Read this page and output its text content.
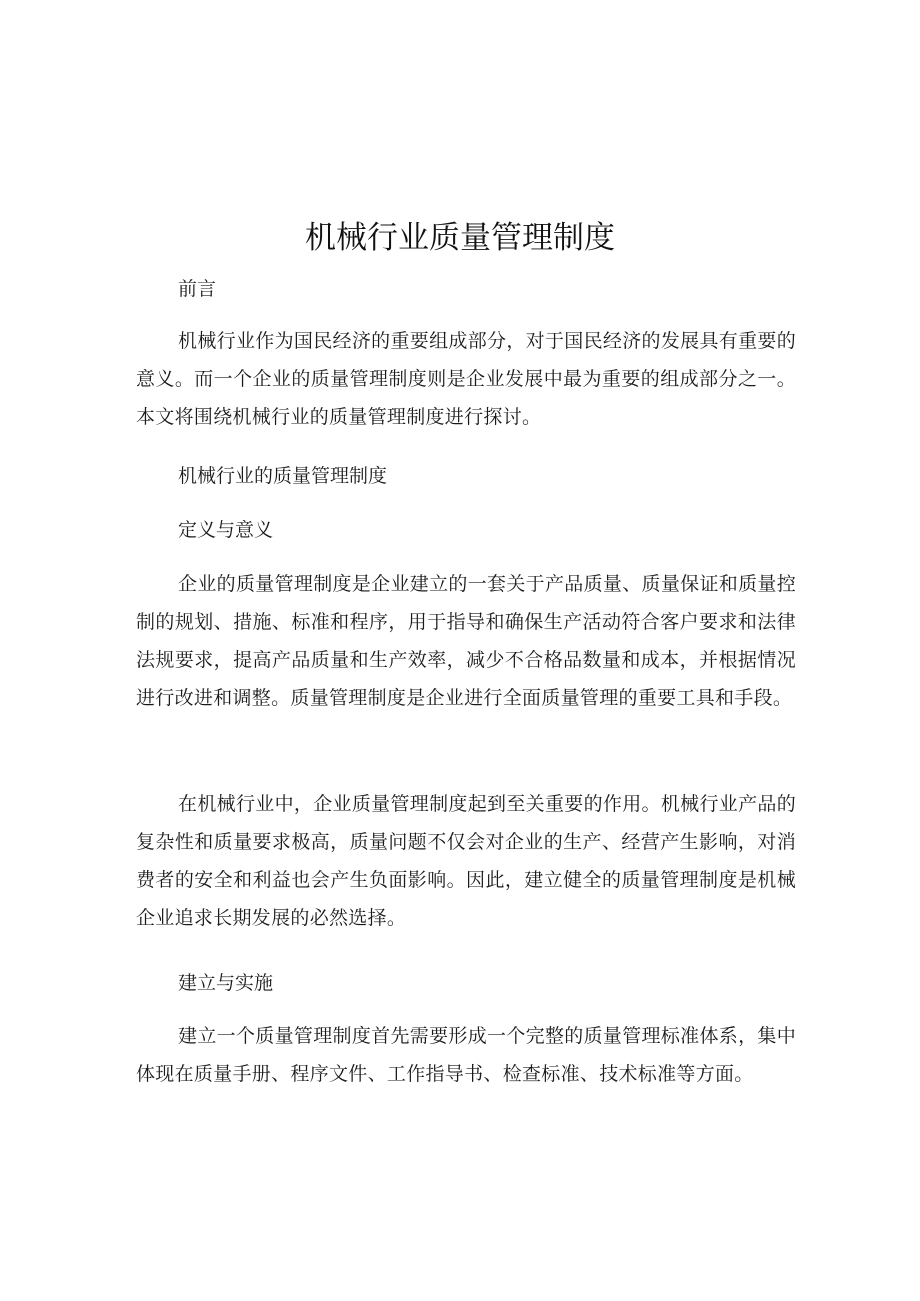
机械行业质量管理制度

前言

机械行业作为国民经济的重要组成部分，对于国民经济的发展具有重要的意义。而一个企业的质量管理制度则是企业发展中最为重要的组成部分之一。本文将围绕机械行业的质量管理制度进行探讨。

机械行业的质量管理制度

定义与意义

企业的质量管理制度是企业建立的一套关于产品质量、质量保证和质量控制的规划、措施、标准和程序，用于指导和确保生产活动符合客户要求和法律法规要求，提高产品质量和生产效率，减少不合格品数量和成本，并根据情况进行改进和调整。质量管理制度是企业进行全面质量管理的重要工具和手段。

在机械行业中，企业质量管理制度起到至关重要的作用。机械行业产品的复杂性和质量要求极高，质量问题不仅会对企业的生产、经营产生影响，对消费者的安全和利益也会产生负面影响。因此，建立健全的质量管理制度是机械企业追求长期发展的必然选择。

建立与实施

建立一个质量管理制度首先需要形成一个完整的质量管理标准体系，集中体现在质量手册、程序文件、工作指导书、检查标准、技术标准等方面。
